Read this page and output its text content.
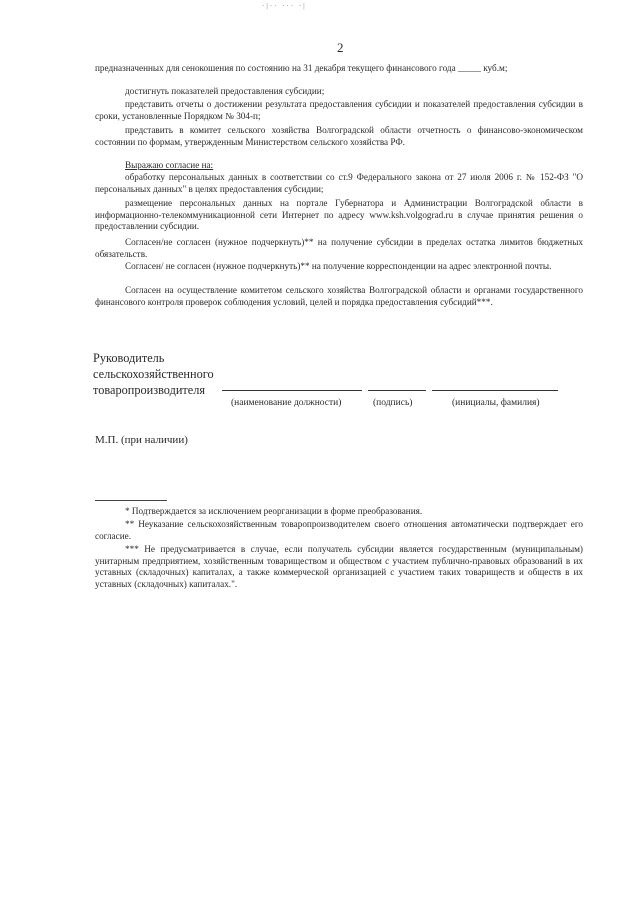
·|·· ··· ·|
2
предназначенных для сенокошения по состоянию на 31 декабря текущего финансового года _____ куб.м;
достигнуть показателей предоставления субсидии;
представить отчеты о достижении результата предоставления субсидии и показателей предоставления субсидии в сроки, установленные Порядком № 304-п;
представить в комитет сельского хозяйства Волгоградской области отчетность о финансово-экономическом состоянии по формам, утвержденным Министерством сельского хозяйства РФ.
Выражаю согласие на:
обработку персональных данных в соответствии со ст.9 Федерального закона от 27 июля 2006 г. № 152-ФЗ "О персональных данных" в целях предоставления субсидии;
размещение персональных данных на портале Губернатора и Администрации Волгоградской области в информационно-телекоммуникационной сети Интернет по адресу www.ksh.volgograd.ru в случае принятия решения о предоставлении субсидии.
Согласен/не согласен (нужное подчеркнуть)** на получение субсидии в пределах остатка лимитов бюджетных обязательств.
Согласен/ не согласен (нужное подчеркнуть)** на получение корреспонденции на адрес электронной почты.
Согласен на осуществление комитетом сельского хозяйства Волгоградской области и органами государственного финансового контроля проверок соблюдения условий, целей и порядка предоставления субсидий***.
Руководитель
сельскохозяйственного
товаропроизводителя
(наименование должности)	(подпись)	(инициалы, фамилия)
М.П. (при наличии)
* Подтверждается за исключением реорганизации в форме преобразования.
** Неуказание сельскохозяйственным товаропроизводителем своего отношения автоматически подтверждает его согласие.
*** Не предусматривается в случае, если получатель субсидии является государственным (муниципальным) унитарным предприятием, хозяйственным товариществом и обществом с участием публично-правовых образований в их уставных (складочных) капиталах, а также коммерческой организацией с участием таких товариществ и обществ в их уставных (складочных) капиталах.".
